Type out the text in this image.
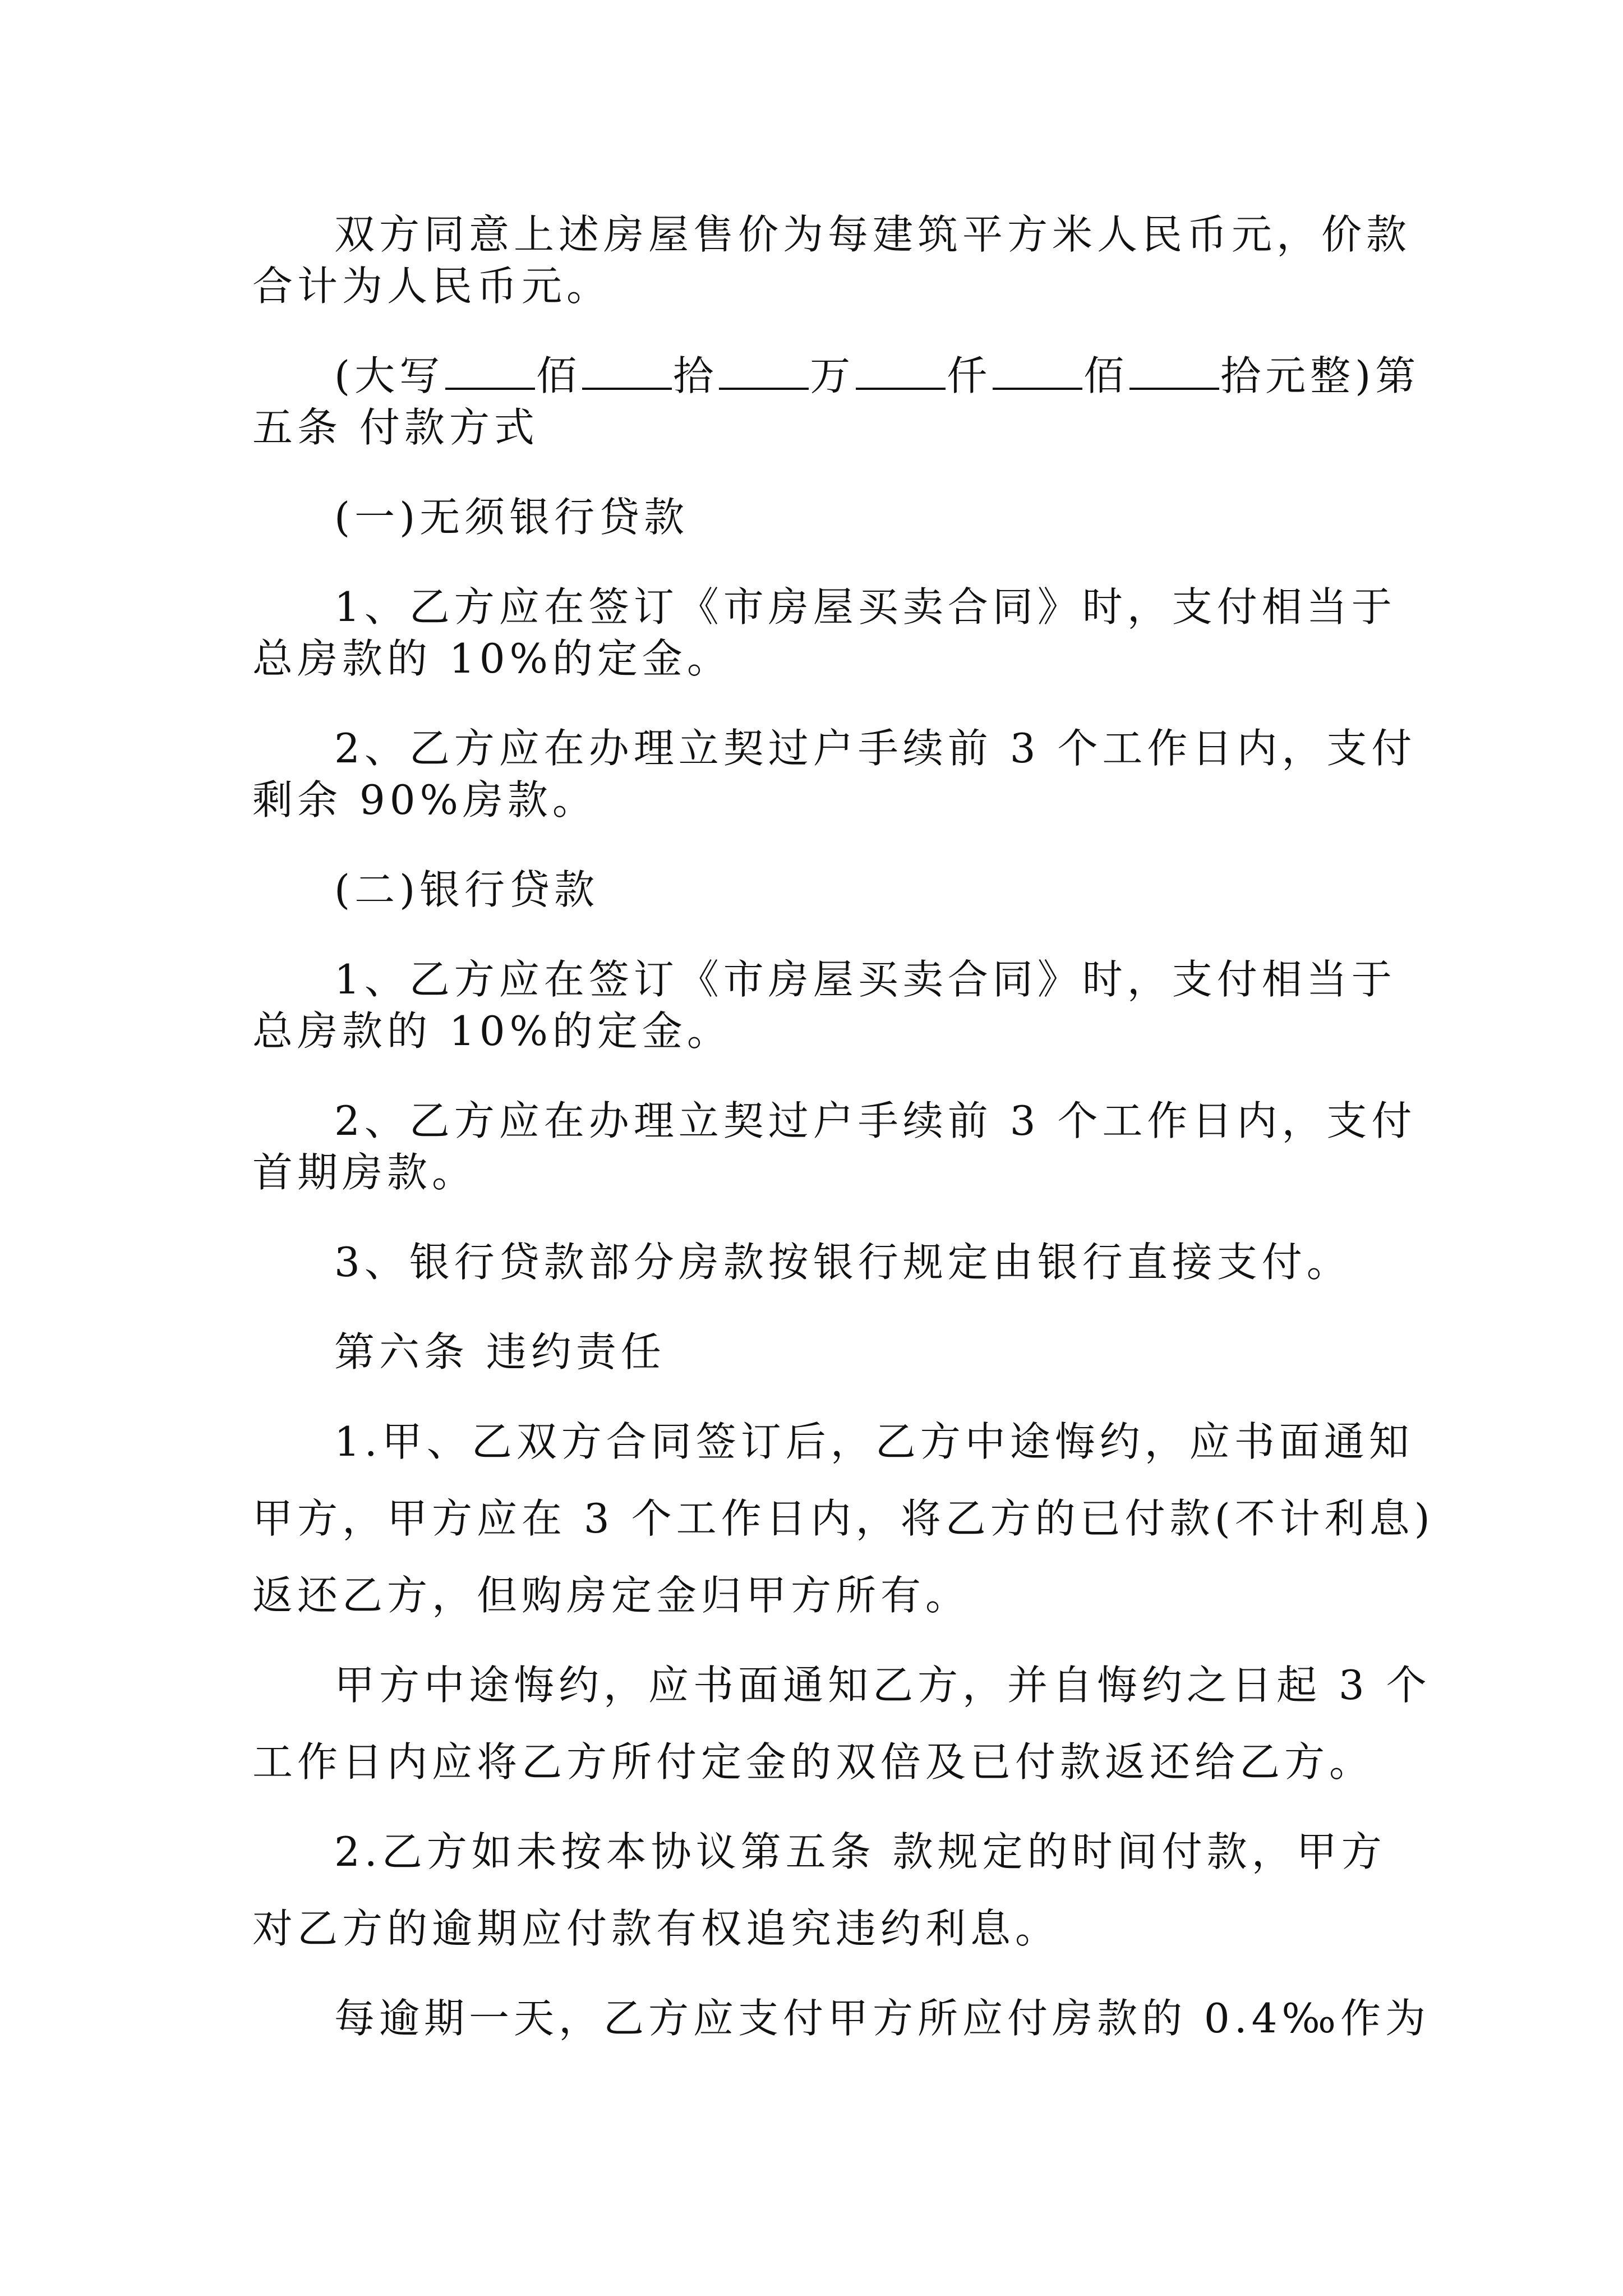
双方同意上述房屋售价为每建筑平方米人民币元，价款

合计为人民币元。

(大写 佰 拾 万 仟 佰 拾元整)第

五条 付款方式

(一)无须银行贷款

1、乙方应在签订《市房屋买卖合同》时，支付相当于

总房款的 10%的定金。

2、乙方应在办理立契过户手续前 3 个工作日内，支付

剩余 90%房款。

(二)银行贷款

1、乙方应在签订《市房屋买卖合同》时，支付相当于

总房款的 10%的定金。

2、乙方应在办理立契过户手续前 3 个工作日内，支付

首期房款。

3、银行贷款部分房款按银行规定由银行直接支付。

第六条 违约责任

1.甲、乙双方合同签订后，乙方中途悔约，应书面通知

甲方，甲方应在 3 个工作日内，将乙方的已付款(不计利息)

返还乙方，但购房定金归甲方所有。

甲方中途悔约，应书面通知乙方，并自悔约之日起 3 个

工作日内应将乙方所付定金的双倍及已付款返还给乙方。

2.乙方如未按本协议第五条 款规定的时间付款，甲方

对乙方的逾期应付款有权追究违约利息。

每逾期一天，乙方应支付甲方所应付房款的 0.4‰作为
